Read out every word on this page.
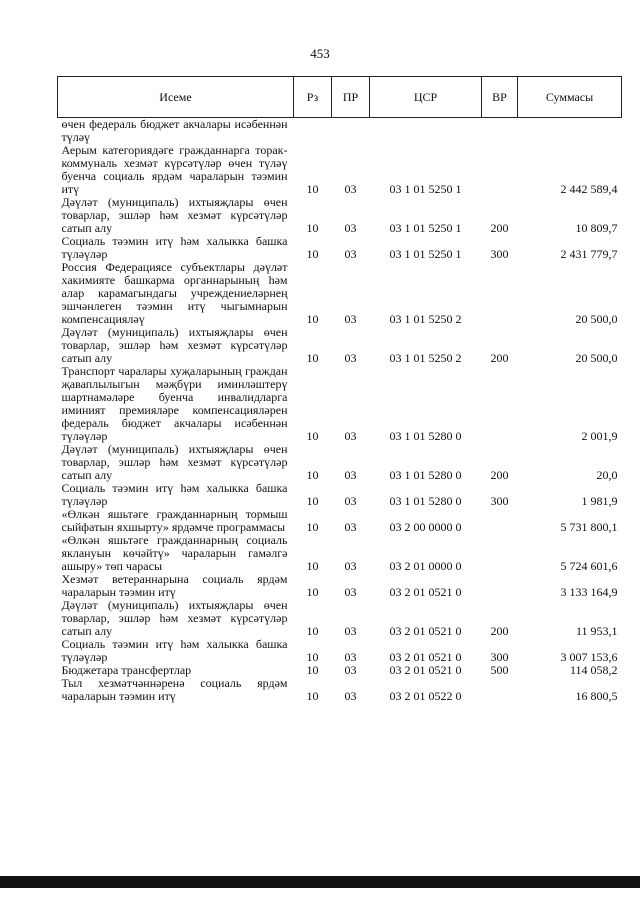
453
Исеме	Рз	ПР	ЦСР	ВР	Суммасы
өчен федераль бюджет акчалары исәбеннән түләү					
Аерым категориядәге гражданнарга торак-коммуналь хезмәт күрсәтүләр өчен түләү буенча социаль ярдәм чараларын тәэмин итү	10	03	03 1 01 5250 1		2 442 589,4
Дәүләт (муниципаль) ихтыяҗлары өчен товарлар, эшләр һәм хезмәт күрсәтүләр сатып алу	10	03	03 1 01 5250 1	200	10 809,7
Социаль тәэмин итү һәм халыкка башка түләүләр	10	03	03 1 01 5250 1	300	2 431 779,7
Россия Федерациясе субъектлары дәүләт хакимияте башкарма органнарының һәм алар карамагындагы учреждениеләрнең эшчәнлеген тәэмин итү чыгымнарын компенсацияләү	10	03	03 1 01 5250 2		20 500,0
Дәүләт (муниципаль) ихтыяҗлары өчен товарлар, эшләр һәм хезмәт күрсәтүләр сатып алу	10	03	03 1 01 5250 2	200	20 500,0
Транспорт чаралары хуҗаларының граждан җаваплылыгын мәҗбүри иминләштерү шартнамәләре буенча инвалидларга иминият премияләре компенсацияләрен федераль бюджет акчалары исәбеннән түләүләр	10	03	03 1 01 5280 0		2 001,9
Дәүләт (муниципаль) ихтыяҗлары өчен товарлар, эшләр һәм хезмәт күрсәтүләр сатып алу	10	03	03 1 01 5280 0	200	20,0
Социаль тәэмин итү һәм халыкка башка түләүләр	10	03	03 1 01 5280 0	300	1 981,9
«Өлкән яшьтәге гражданнарның тормыш сыйфатын яхшырту» ярдәмче программасы	10	03	03 2 00 0000 0		5 731 800,1
«Өлкән яшьтәге гражданнарның социаль яклануын көчәйтү» чараларын гамәлгә ашыру» төп чарасы	10	03	03 2 01 0000 0		5 724 601,6
Хезмәт ветераннарына социаль ярдәм чараларын тәэмин итү	10	03	03 2 01 0521 0		3 133 164,9
Дәүләт (муниципаль) ихтыяҗлары өчен товарлар, эшләр һәм хезмәт күрсәтүләр сатып алу	10	03	03 2 01 0521 0	200	11 953,1
Социаль тәэмин итү һәм халыкка башка түләүләр	10	03	03 2 01 0521 0	300	3 007 153,6
Бюджетара трансфертлар	10	03	03 2 01 0521 0	500	114 058,2
Тыл хезмәтчәннәренә социаль ярдәм чараларын тәэмин итү	10	03	03 2 01 0522 0		16 800,5
